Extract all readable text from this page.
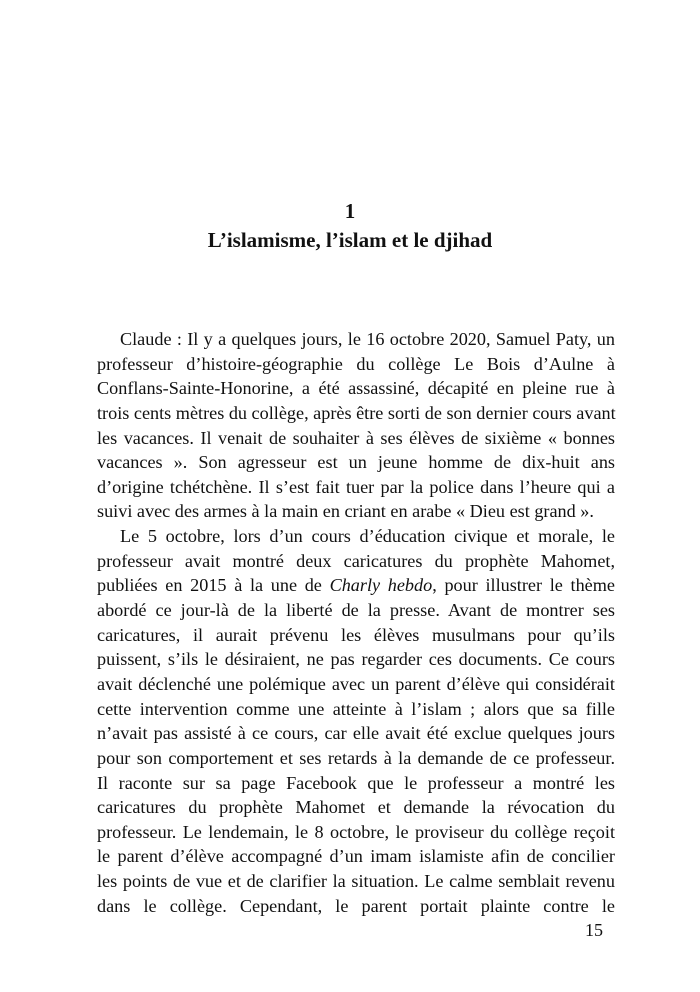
1
L’islamisme, l’islam et le djihad
Claude : Il y a quelques jours, le 16 octobre 2020, Samuel Paty, un
professeur d’histoire-géographie du collège Le Bois d’Aulne à
Conflans-Sainte-Honorine, a été assassiné, décapité en pleine rue à
trois cents mètres du collège, après être sorti de son dernier cours avant
les vacances. Il venait de souhaiter à ses élèves de sixième « bonnes
vacances ». Son agresseur est un jeune homme de dix-huit ans
d’origine tchétchène. Il s’est fait tuer par la police dans l’heure qui a
suivi avec des armes à la main en criant en arabe « Dieu est grand ».
Le 5 octobre, lors d’un cours d’éducation civique et morale, le
professeur avait montré deux caricatures du prophète Mahomet,
publiées en 2015 à la une de Charly hebdo, pour illustrer le thème
abordé ce jour-là de la liberté de la presse. Avant de montrer ses
caricatures, il aurait prévenu les élèves musulmans pour qu’ils
puissent, s’ils le désiraient, ne pas regarder ces documents. Ce cours
avait déclenché une polémique avec un parent d’élève qui considérait
cette intervention comme une atteinte à l’islam ; alors que sa fille
n’avait pas assisté à ce cours, car elle avait été exclue quelques jours
pour son comportement et ses retards à la demande de ce professeur.
Il raconte sur sa page Facebook que le professeur a montré les
caricatures du prophète Mahomet et demande la révocation du
professeur. Le lendemain, le 8 octobre, le proviseur du collège reçoit
le parent d’élève accompagné d’un imam islamiste afin de concilier
les points de vue et de clarifier la situation. Le calme semblait revenu
dans le collège. Cependant, le parent portait plainte contre le
15
